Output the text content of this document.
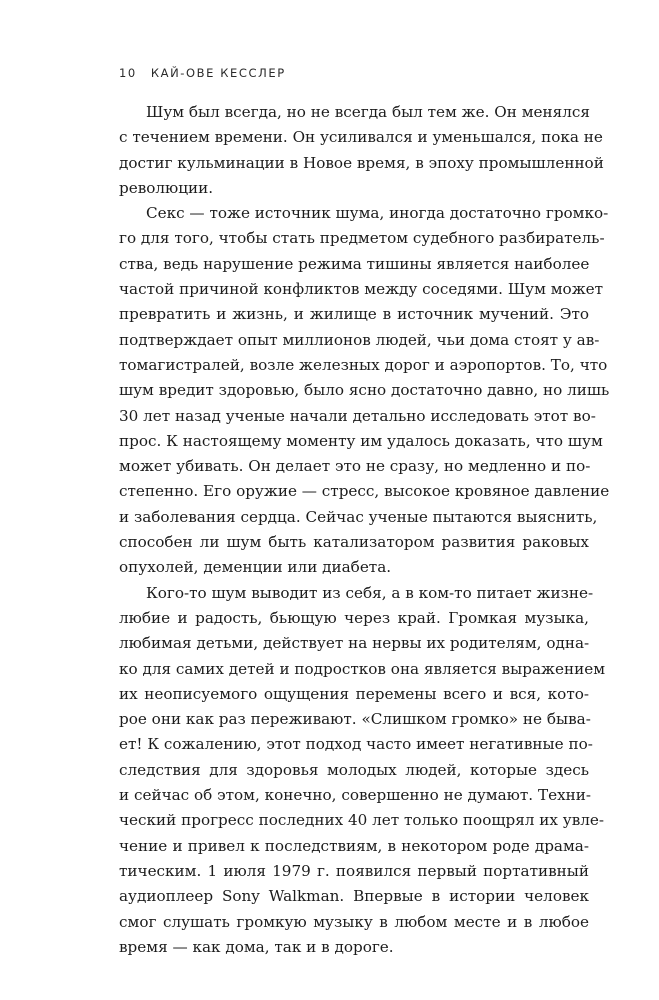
10 КАЙ-ОВЕ КЕССЛЕР
Шум был всегда, но не всегда был тем же. Он менялся
с течением времени. Он усиливался и уменьшался, пока не
достиг кульминации в Новое время, в эпоху промышленной
революции.
Секс — тоже источник шума, иногда достаточно громко-
го для того, чтобы стать предметом судебного разбиратель-
ства, ведь нарушение режима тишины является наиболее
частой причиной конфликтов между соседями. Шум может
превратить и жизнь, и жилище в источник мучений. Это
подтверждает опыт миллионов людей, чьи дома стоят у ав-
томагистралей, возле железных дорог и аэропортов. То, что
шум вредит здоровью, было ясно достаточно давно, но лишь
30 лет назад ученые начали детально исследовать этот во-
прос. К настоящему моменту им удалось доказать, что шум
может убивать. Он делает это не сразу, но медленно и по-
степенно. Его оружие — стресс, высокое кровяное давление
и заболевания сердца. Сейчас ученые пытаются выяснить,
способен ли шум быть катализатором развития раковых
опухолей, деменции или диабета.
Кого-то шум выводит из себя, а в ком-то питает жизне-
любие и радость, бьющую через край. Громкая музыка,
любимая детьми, действует на нервы их родителям, одна-
ко для самих детей и подростков она является выражением
их неописуемого ощущения перемены всего и вся, кото-
рое они как раз переживают. «Слишком громко» не быва-
ет! К сожалению, этот подход часто имеет негативные по-
следствия для здоровья молодых людей, которые здесь
и сейчас об этом, конечно, совершенно не думают. Техни-
ческий прогресс последних 40 лет только поощрял их увле-
чение и привел к последствиям, в некотором роде драма-
тическим. 1 июля 1979 г. появился первый портативный
аудиоплеер Sony Walkman. Впервые в истории человек
смог слушать громкую музыку в любом месте и в любое
время — как дома, так и в дороге.
